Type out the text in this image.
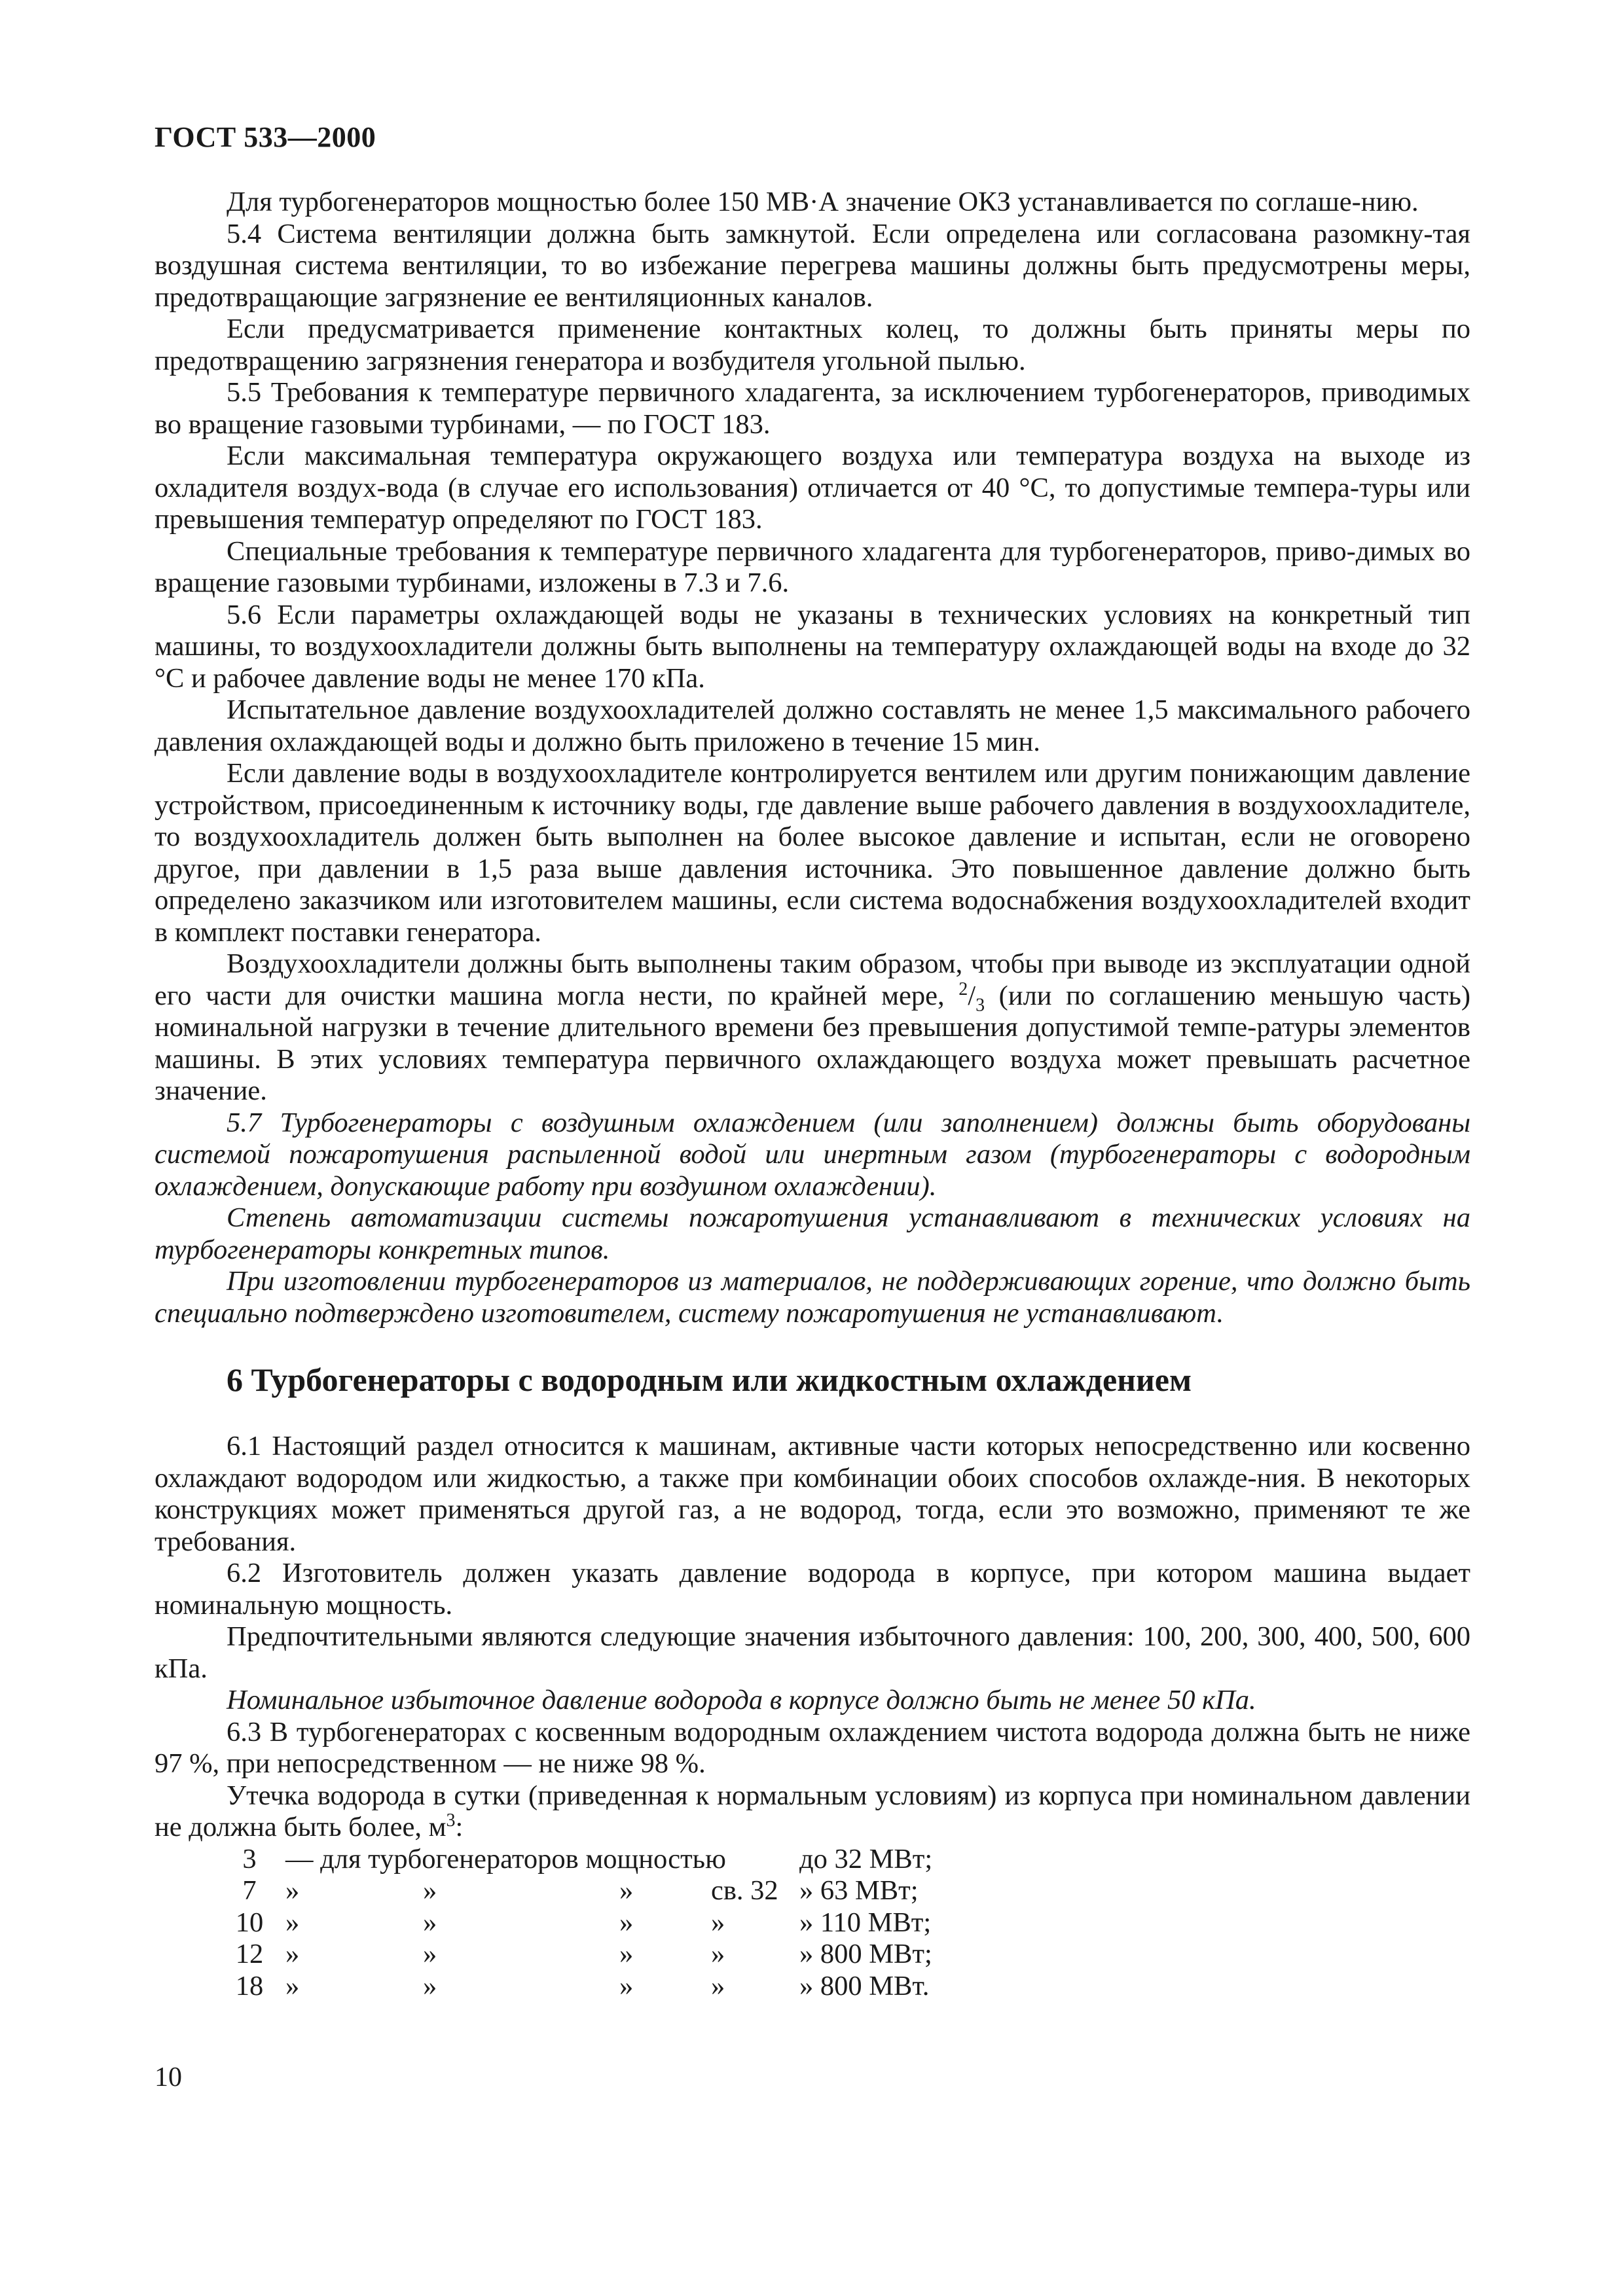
ГОСТ 533—2000

Для турбогенераторов мощностью более 150 МВ·А значение ОКЗ устанавливается по соглаше-нию.

5.4 Система вентиляции должна быть замкнутой. Если определена или согласована разомкну-тая воздушная система вентиляции, то во избежание перегрева машины должны быть предусмотрены меры, предотвращающие загрязнение ее вентиляционных каналов.

Если предусматривается применение контактных колец, то должны быть приняты меры по предотвращению загрязнения генератора и возбудителя угольной пылью.

5.5 Требования к температуре первичного хладагента, за исключением турбогенераторов, приводимых во вращение газовыми турбинами, — по ГОСТ 183.

Если максимальная температура окружающего воздуха или температура воздуха на выходе из охладителя воздух-вода (в случае его использования) отличается от 40 °С, то допустимые темпера-туры или превышения температур определяют по ГОСТ 183.

Специальные требования к температуре первичного хладагента для турбогенераторов, приво-димых во вращение газовыми турбинами, изложены в 7.3 и 7.6.

5.6 Если параметры охлаждающей воды не указаны в технических условиях на конкретный тип машины, то воздухоохладители должны быть выполнены на температуру охлаждающей воды на входе до 32 °С и рабочее давление воды не менее 170 кПа.

Испытательное давление воздухоохладителей должно составлять не менее 1,5 максимального рабочего давления охлаждающей воды и должно быть приложено в течение 15 мин.

Если давление воды в воздухоохладителе контролируется вентилем или другим понижающим давление устройством, присоединенным к источнику воды, где давление выше рабочего давления в воздухоохладителе, то воздухоохладитель должен быть выполнен на более высокое давление и испытан, если не оговорено другое, при давлении в 1,5 раза выше давления источника. Это повышенное давление должно быть определено заказчиком или изготовителем машины, если система водоснабжения воздухоохладителей входит в комплект поставки генератора.

Воздухоохладители должны быть выполнены таким образом, чтобы при выводе из эксплуатации одной его части для очистки машина могла нести, по крайней мере, $^2/_3$ (или по соглашению меньшую часть) номинальной нагрузки в течение длительного времени без превышения допустимой темпе-ратуры элементов машины. В этих условиях температура первичного охлаждающего воздуха может превышать расчетное значение.

5.7 Турбогенераторы с воздушным охлаждением (или заполнением) должны быть оборудованы системой пожаротушения распыленной водой или инертным газом (турбогенераторы с водородным охлаждением, допускающие работу при воздушном охлаждении).

Степень автоматизации системы пожаротушения устанавливают в технических условиях на турбогенераторы конкретных типов.

При изготовлении турбогенераторов из материалов, не поддерживающих горение, что должно быть специально подтверждено изготовителем, систему пожаротушения не устанавливают.

6 Турбогенераторы с водородным или жидкостным охлаждением

6.1 Настоящий раздел относится к машинам, активные части которых непосредственно или косвенно охлаждают водородом или жидкостью, а также при комбинации обоих способов охлажде-ния. В некоторых конструкциях может применяться другой газ, а не водород, тогда, если это возможно, применяют те же требования.

6.2 Изготовитель должен указать давление водорода в корпусе, при котором машина выдает номинальную мощность.

Предпочтительными являются следующие значения избыточного давления: 100, 200, 300, 400, 500, 600 кПа.

Номинальное избыточное давление водорода в корпусе должно быть не менее 50 кПа.

6.3 В турбогенераторах с косвенным водородным охлаждением чистота водорода должна быть не ниже 97 %, при непосредственном — не ниже 98 %.

Утечка водорода в сутки (приведенная к нормальным условиям) из корпуса при номинальном давлении не должна быть более, $м^3$:

3	— для турбогенераторов мощностью				до 32 МВт;
7	»	»	»	св. 32	» 63 МВт;
10	»	»	»	»	» 110 МВт;
12	»	»	»	»	» 800 МВт;
18	»	»	»	»	» 800 МВт.
10
